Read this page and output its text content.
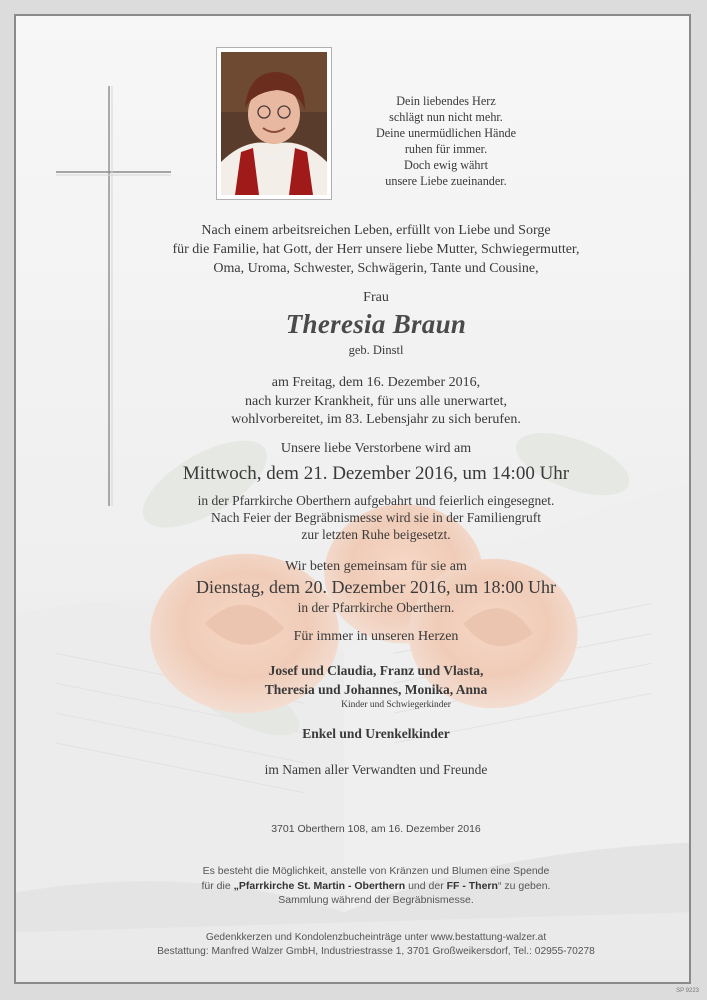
Dein liebendes Herz
schlägt nun nicht mehr.
Deine unermüdlichen Hände
ruhen für immer.
Doch ewig währt
unsere Liebe zueinander.
Nach einem arbeitsreichen Leben, erfüllt von Liebe und Sorge
für die Familie, hat Gott, der Herr unsere liebe Mutter, Schwiegermutter,
Oma, Uroma, Schwester, Schwägerin, Tante und Cousine,
Frau
Theresia Braun
geb. Dinstl
am Freitag, dem 16. Dezember 2016,
nach kurzer Krankheit, für uns alle unerwartet,
wohlvorbereitet, im 83. Lebensjahr zu sich berufen.
Unsere liebe Verstorbene wird am
Mittwoch, dem 21. Dezember 2016, um 14:00 Uhr
in der Pfarrkirche Oberthern aufgebahrt und feierlich eingesegnet.
Nach Feier der Begräbnismesse wird sie in der Familiengruft
zur letzten Ruhe beigesetzt.
Wir beten gemeinsam für sie am
Dienstag, dem 20. Dezember 2016, um 18:00 Uhr
in der Pfarrkirche Oberthern.
Für immer in unseren Herzen
Josef und Claudia, Franz und Vlasta,
Theresia und Johannes, Monika, Anna
Kinder und Schwiegerkinder
Enkel und Urenkelkinder
im Namen aller Verwandten und Freunde
3701 Oberthern 108, am 16. Dezember 2016
Es besteht die Möglichkeit, anstelle von Kränzen und Blumen eine Spende
für die „Pfarrkirche St. Martin - Oberthern und der FF - Thern“ zu geben.
Sammlung während der Begräbnismesse.
Gedenkkerzen und Kondolenzbucheinträge unter www.bestattung-walzer.at
Bestattung: Manfred Walzer GmbH, Industriestrasse 1, 3701 Großweikersdorf, Tel.: 02955-70278
SP 9223
